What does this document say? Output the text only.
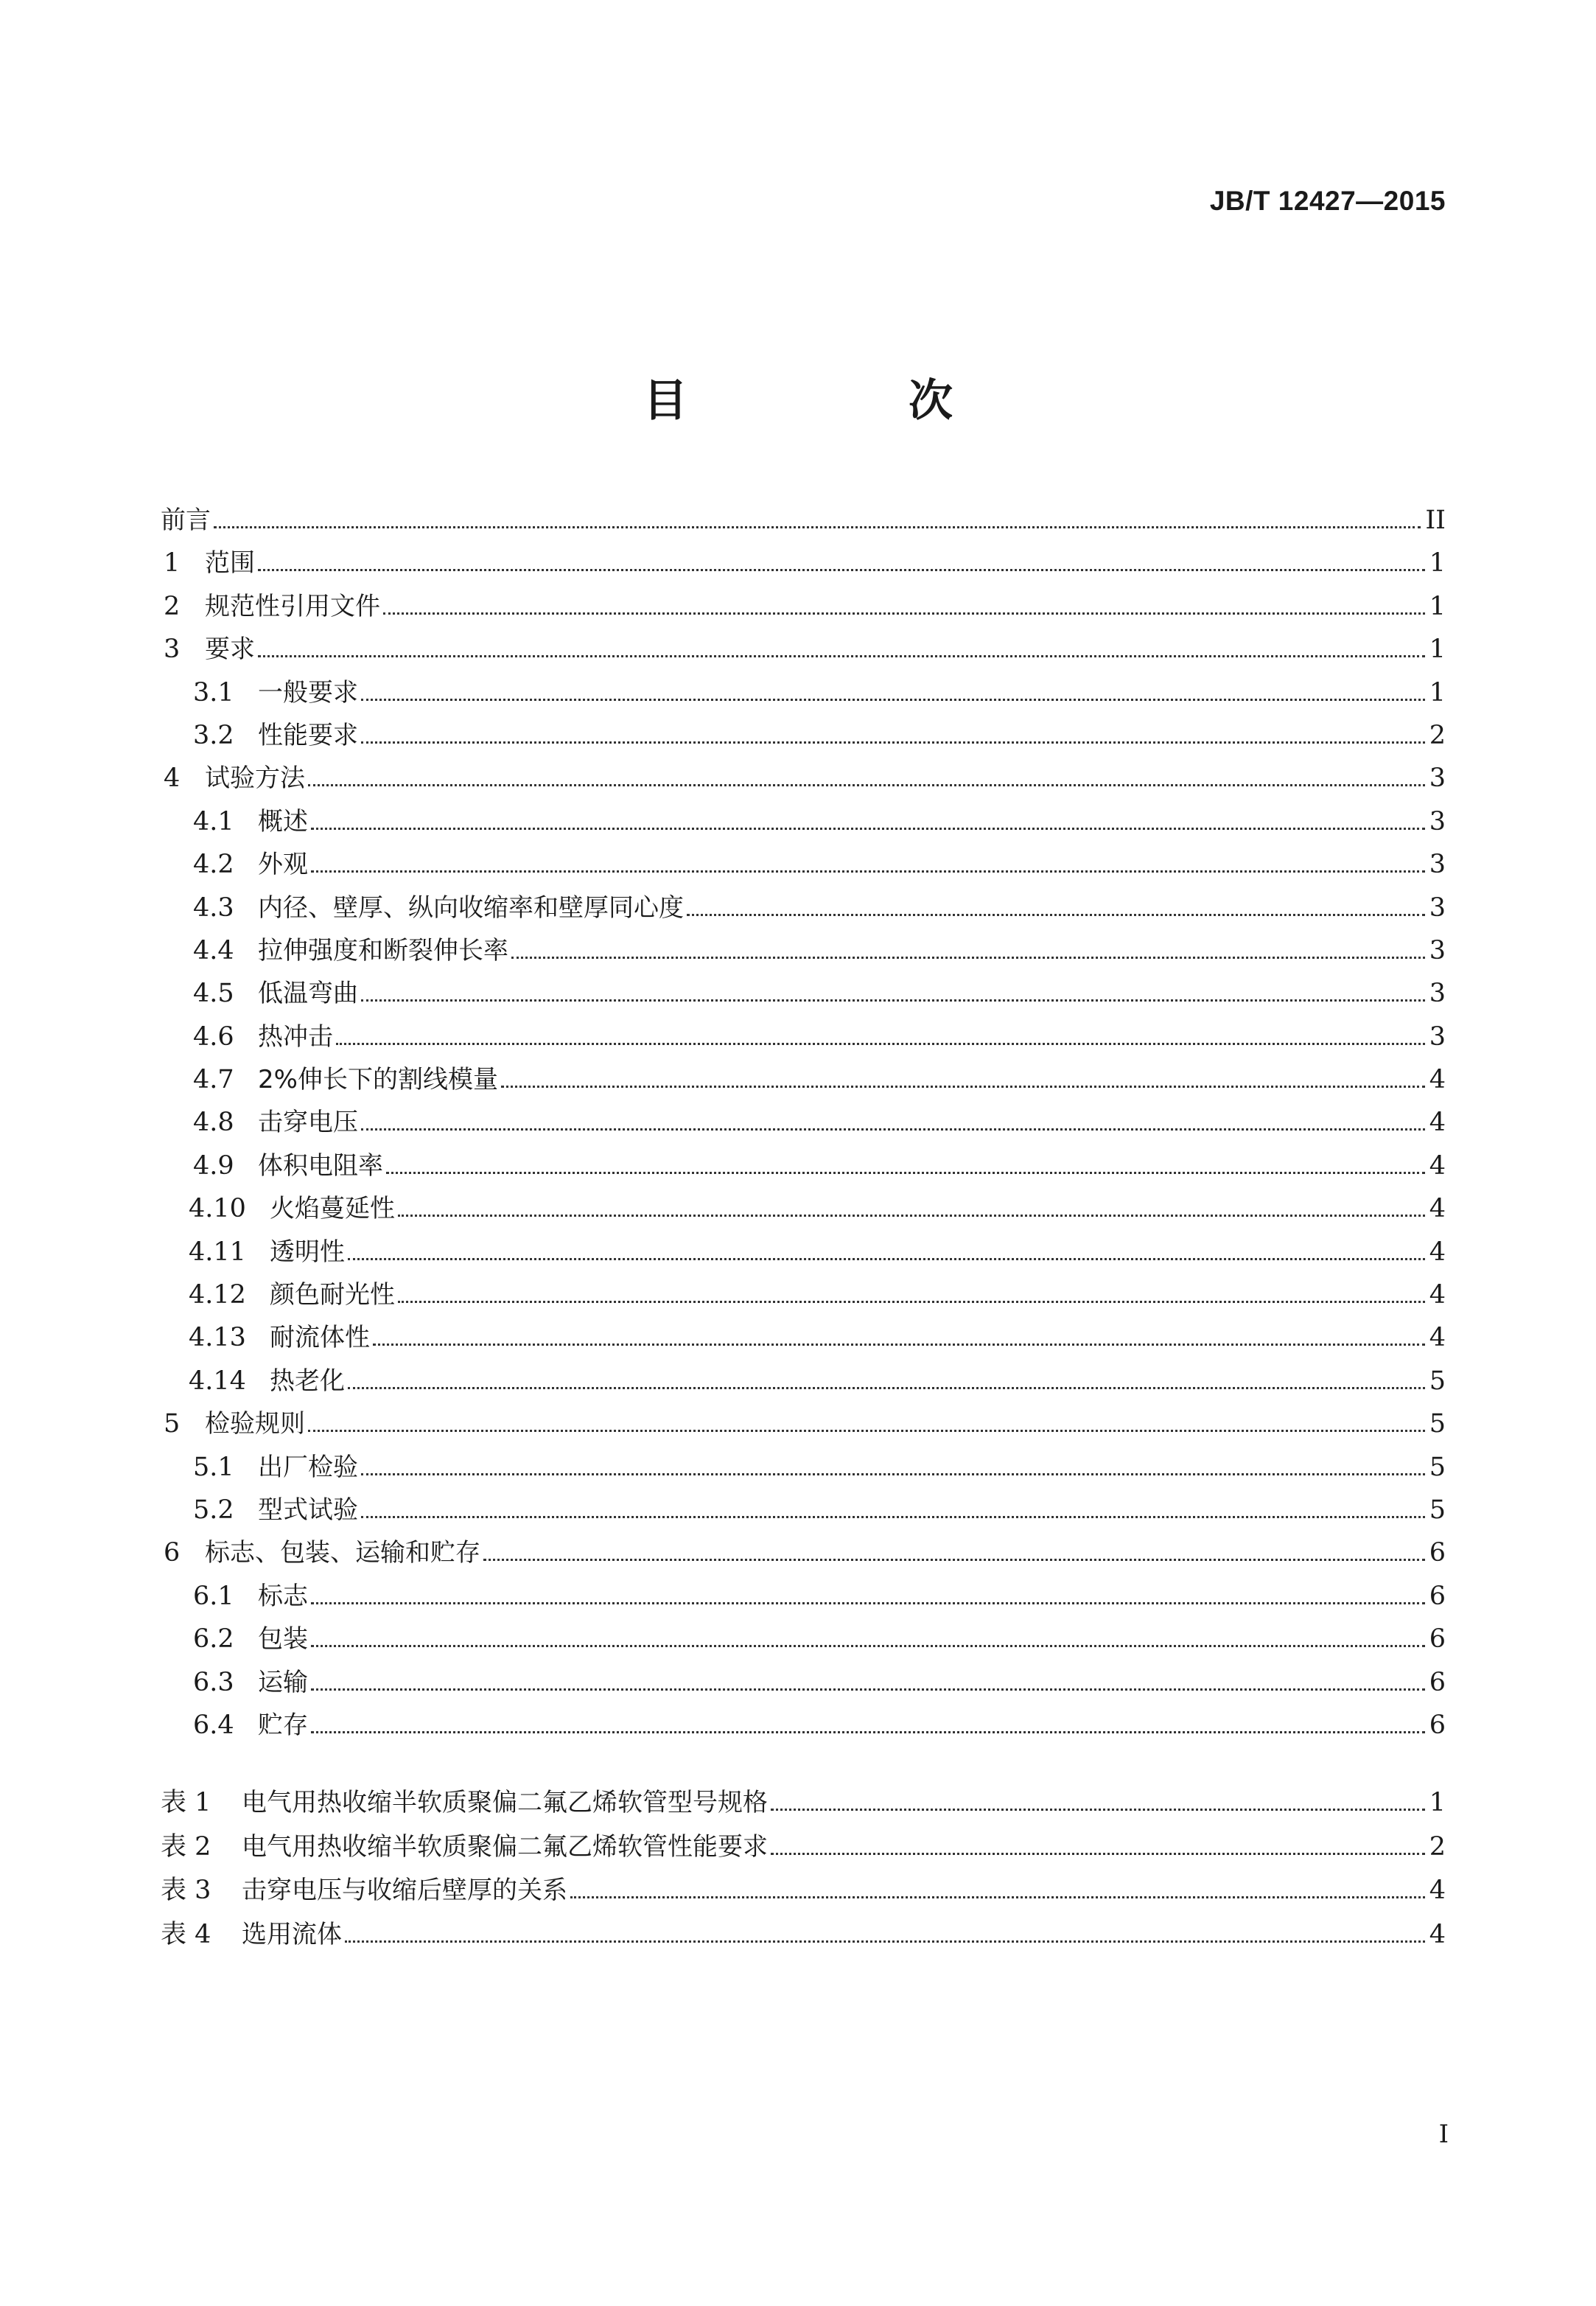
JB/T 12427—2015
目　次
前言	II
1 范围	1
2 规范性引用文件	1
3 要求	1
3.1 一般要求	1
3.2 性能要求	2
4 试验方法	3
4.1 概述	3
4.2 外观	3
4.3 内径、壁厚、纵向收缩率和壁厚同心度	3
4.4 拉伸强度和断裂伸长率	3
4.5 低温弯曲	3
4.6 热冲击	3
4.7 2%伸长下的割线模量	4
4.8 击穿电压	4
4.9 体积电阻率	4
4.10 火焰蔓延性	4
4.11 透明性	4
4.12 颜色耐光性	4
4.13 耐流体性	4
4.14 热老化	5
5 检验规则	5
5.1 出厂检验	5
5.2 型式试验	5
6 标志、包装、运输和贮存	6
6.1 标志	6
6.2 包装	6
6.3 运输	6
6.4 贮存	6
表 1	电气用热收缩半软质聚偏二氟乙烯软管型号规格	1
表 2	电气用热收缩半软质聚偏二氟乙烯软管性能要求	2
表 3	击穿电压与收缩后壁厚的关系	4
表 4	选用流体	4
I
